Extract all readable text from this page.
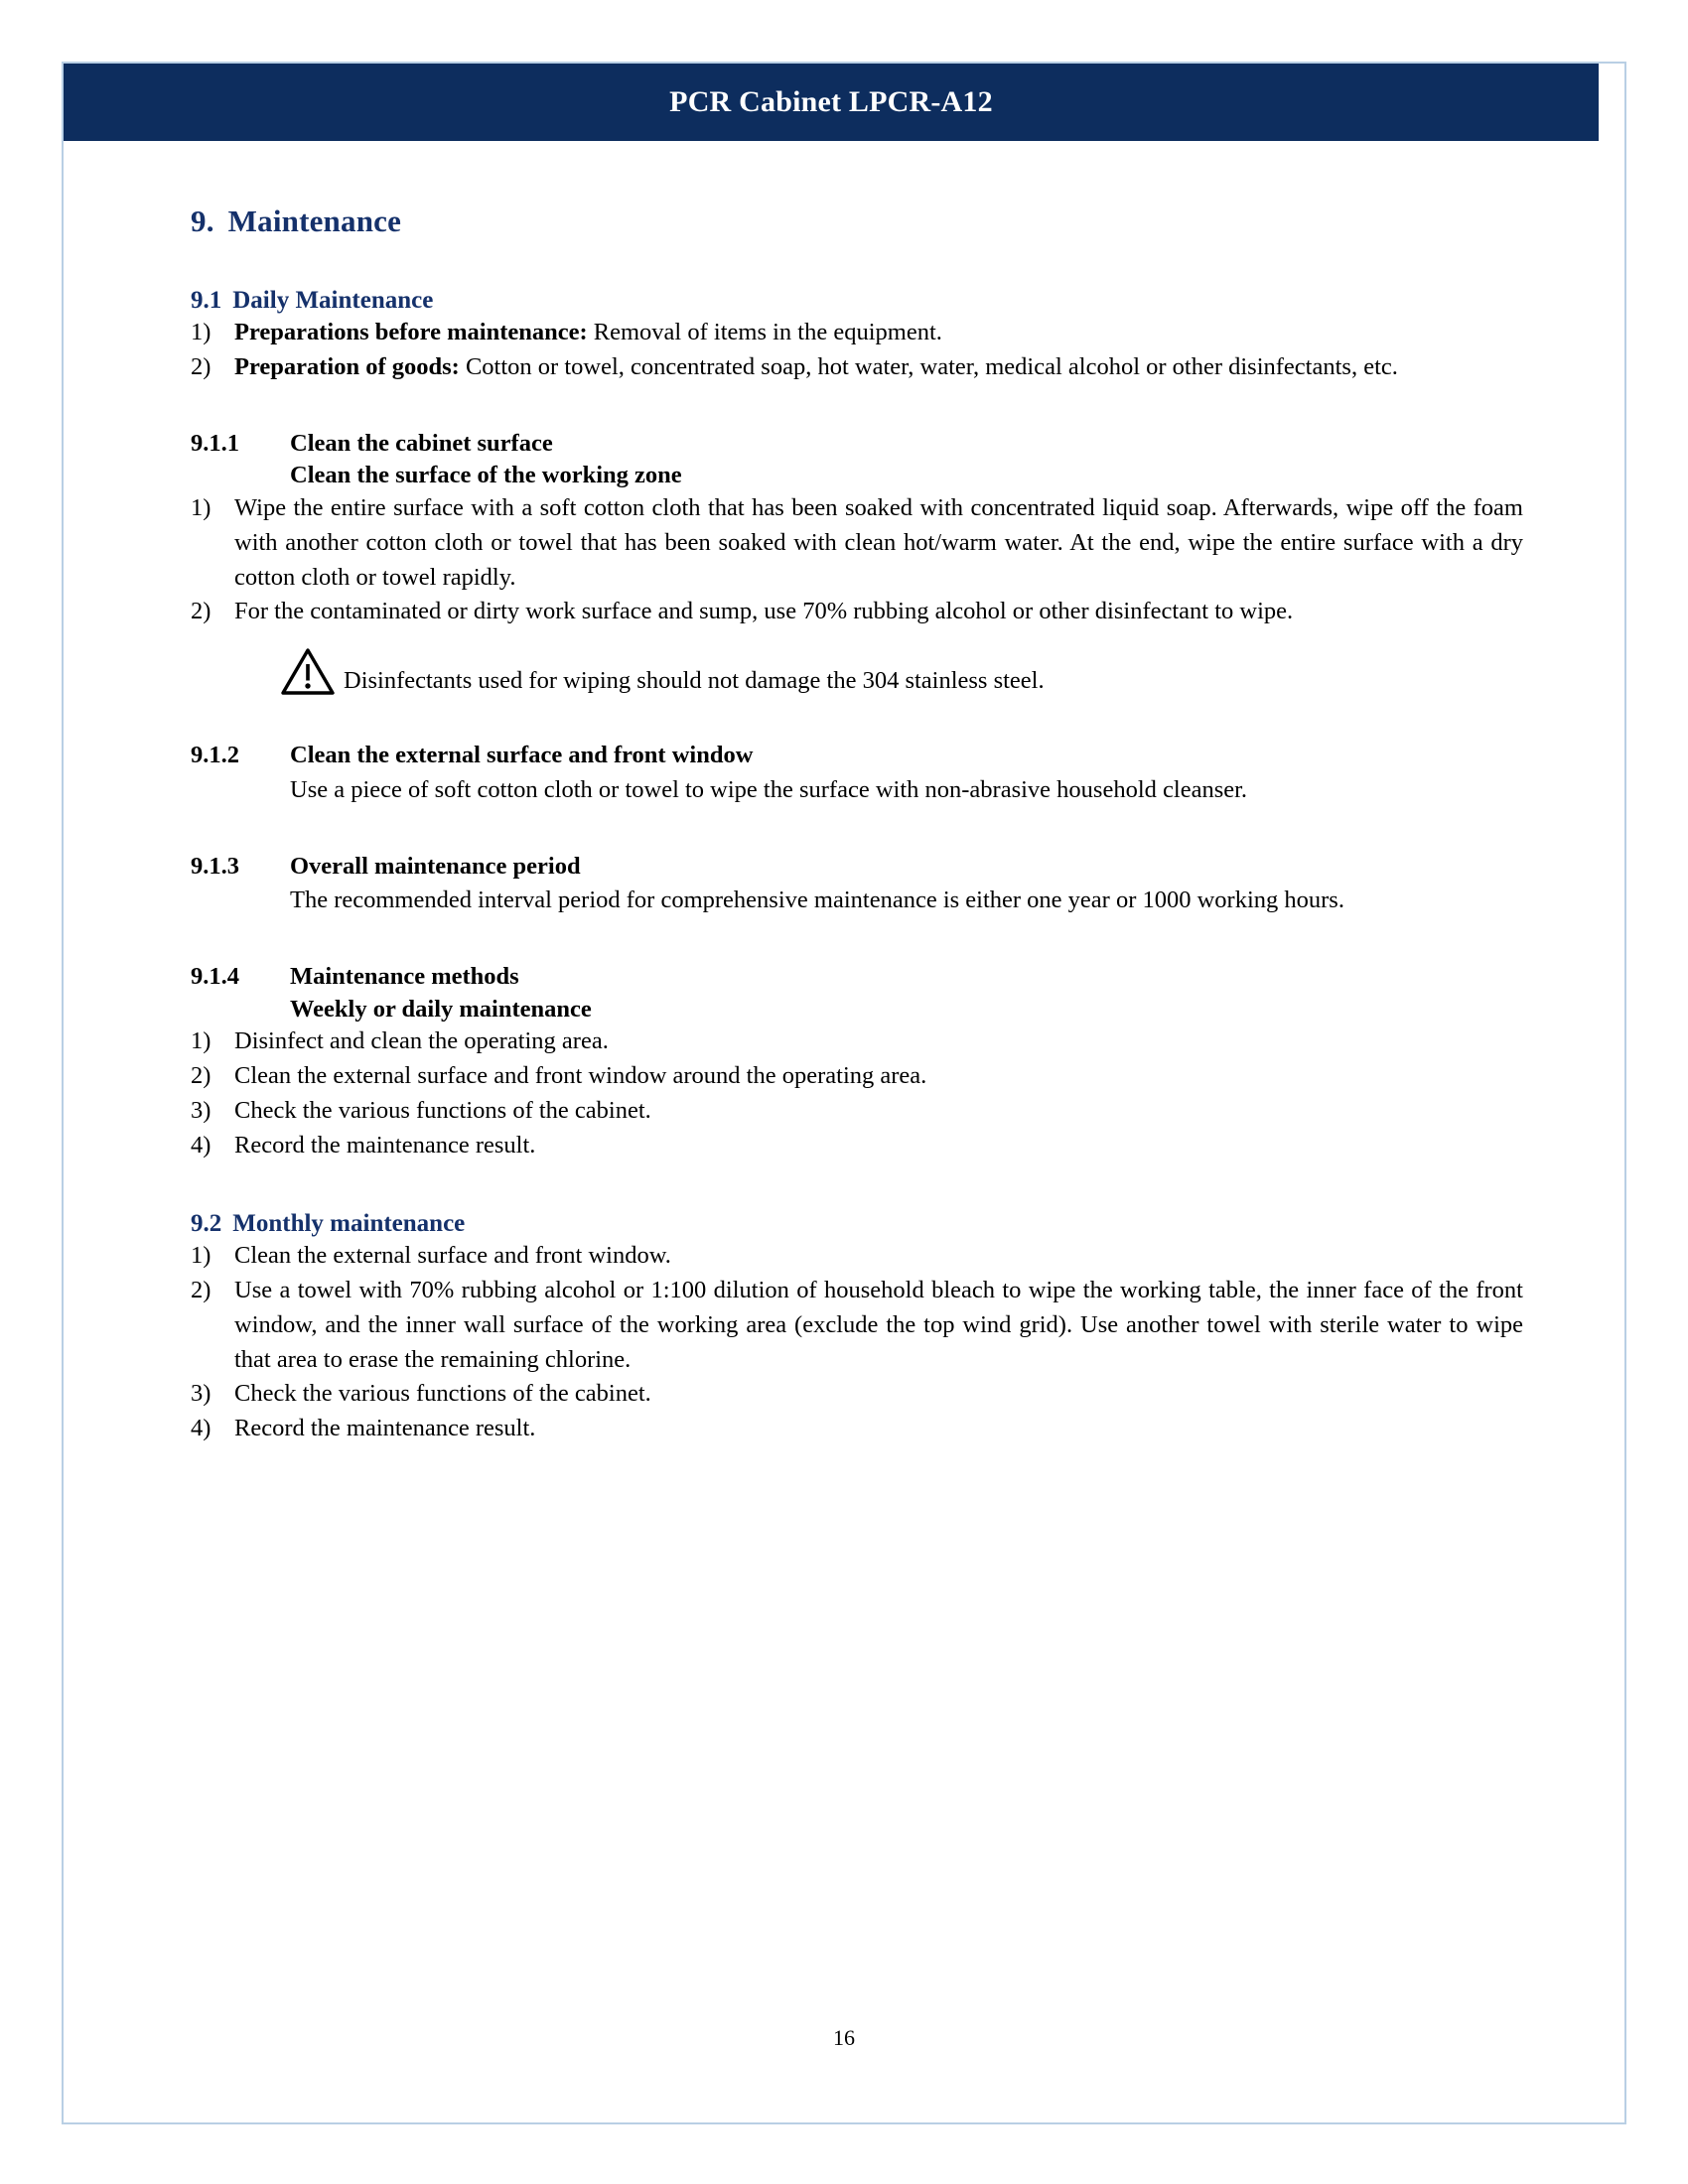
PCR Cabinet LPCR-A12
9. Maintenance
9.1 Daily Maintenance
1) Preparations before maintenance: Removal of items in the equipment.
2) Preparation of goods: Cotton or towel, concentrated soap, hot water, water, medical alcohol or other disinfectants, etc.
9.1.1	Clean the cabinet surface
Clean the surface of the working zone
1) Wipe the entire surface with a soft cotton cloth that has been soaked with concentrated liquid soap. Afterwards, wipe off the foam with another cotton cloth or towel that has been soaked with clean hot/warm water. At the end, wipe the entire surface with a dry cotton cloth or towel rapidly.
2) For the contaminated or dirty work surface and sump, use 70% rubbing alcohol or other disinfectant to wipe.
Disinfectants used for wiping should not damage the 304 stainless steel.
9.1.2	Clean the external surface and front window

Use a piece of soft cotton cloth or towel to wipe the surface with non-abrasive household cleanser.

9.1.3	Overall maintenance period

The recommended interval period for comprehensive maintenance is either one year or 1000 working hours.

9.1.4	Maintenance methods
Weekly or daily maintenance
1) Disinfect and clean the operating area.
2) Clean the external surface and front window around the operating area.
3) Check the various functions of the cabinet.
4) Record the maintenance result.
9.2 Monthly maintenance
1) Clean the external surface and front window.
2) Use a towel with 70% rubbing alcohol or 1:100 dilution of household bleach to wipe the working table, the inner face of the front window, and the inner wall surface of the working area (exclude the top wind grid). Use another towel with sterile water to wipe that area to erase the remaining chlorine.
3) Check the various functions of the cabinet.
4) Record the maintenance result.
16
